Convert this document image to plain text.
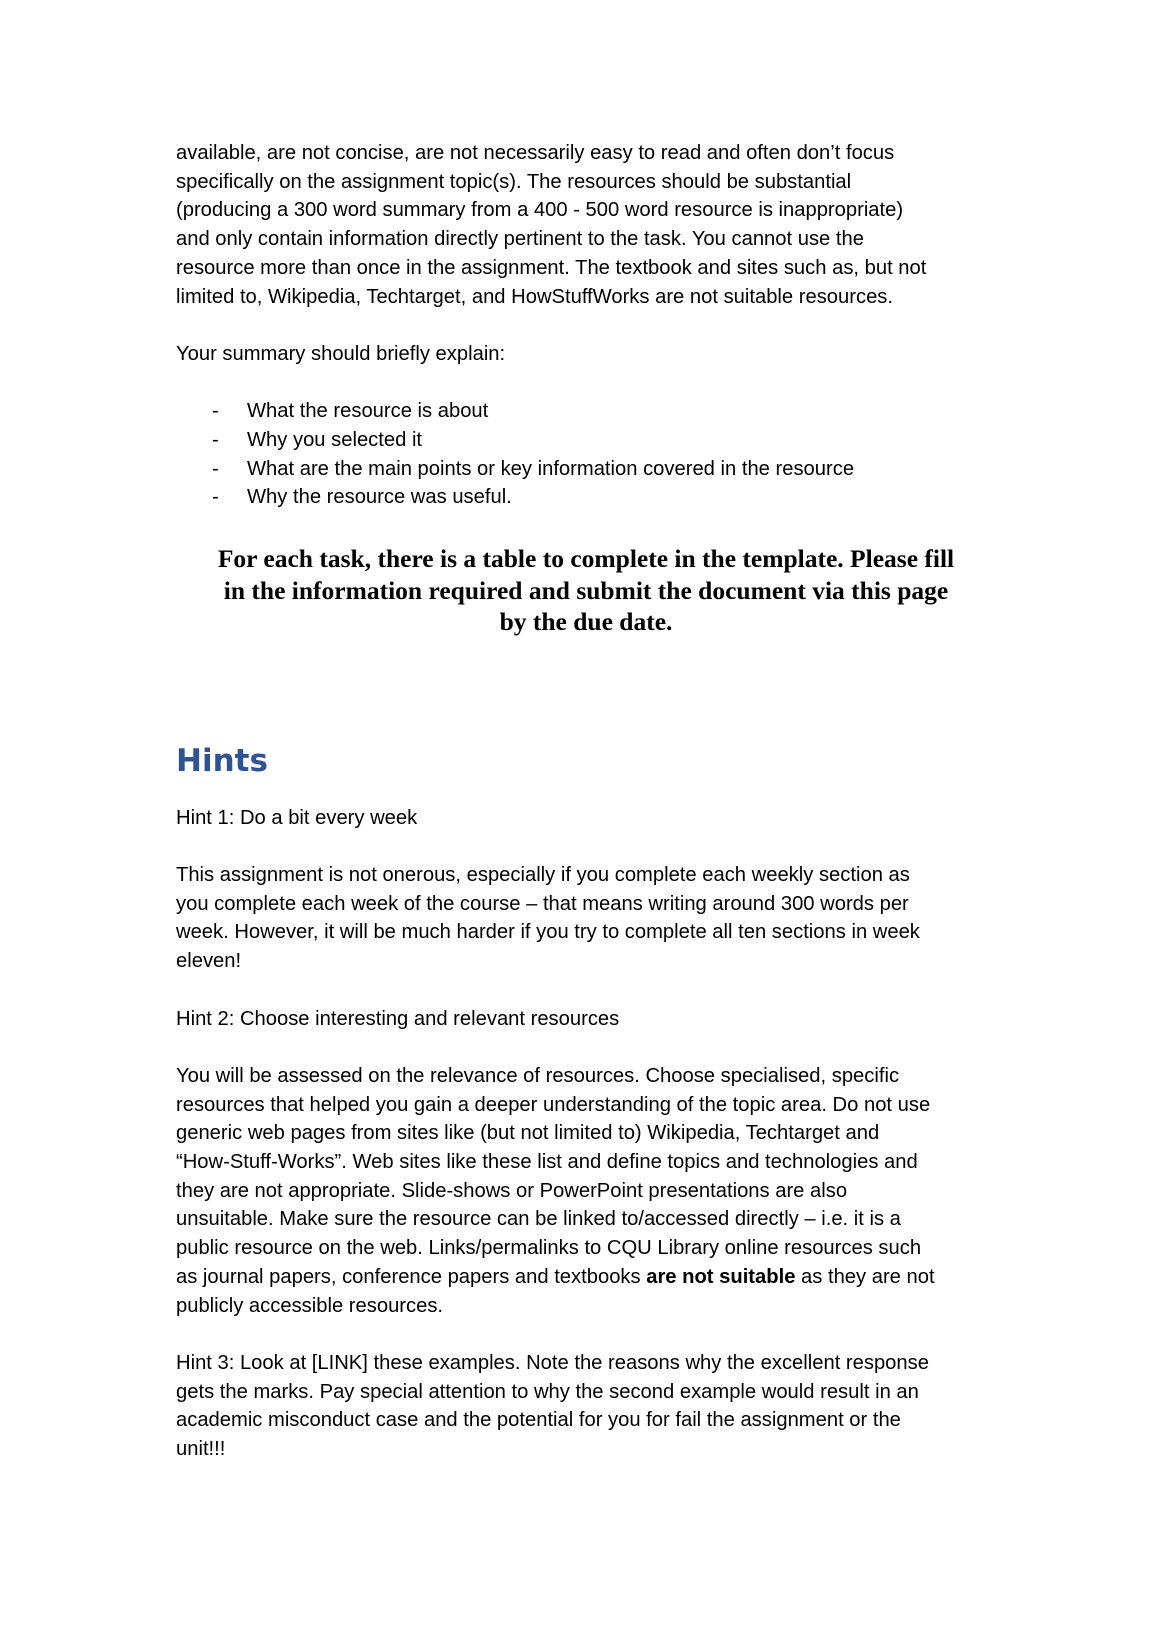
available, are not concise, are not necessarily easy to read and often don’t focus
specifically on the assignment topic(s). The resources should be substantial
(producing a 300 word summary from a 400 - 500 word resource is inappropriate)
and only contain information directly pertinent to the task. You cannot use the
resource more than once in the assignment. The textbook and sites such as, but not
limited to, Wikipedia, Techtarget, and HowStuffWorks are not suitable resources.

Your summary should briefly explain:

- What the resource is about
- Why you selected it
- What are the main points or key information covered in the resource
- Why the resource was useful.

For each task, there is a table to complete in the template. Please fill
in the information required and submit the document via this page
by the due date.

Hints

Hint 1: Do a bit every week

This assignment is not onerous, especially if you complete each weekly section as
you complete each week of the course – that means writing around 300 words per
week. However, it will be much harder if you try to complete all ten sections in week
eleven!

Hint 2: Choose interesting and relevant resources

You will be assessed on the relevance of resources. Choose specialised, specific
resources that helped you gain a deeper understanding of the topic area. Do not use
generic web pages from sites like (but not limited to) Wikipedia, Techtarget and
“How-Stuff-Works”. Web sites like these list and define topics and technologies and
they are not appropriate. Slide-shows or PowerPoint presentations are also
unsuitable. Make sure the resource can be linked to/accessed directly – i.e. it is a
public resource on the web. Links/permalinks to CQU Library online resources such
as journal papers, conference papers and textbooks are not suitable as they are not
publicly accessible resources.

Hint 3: Look at [LINK] these examples. Note the reasons why the excellent response
gets the marks. Pay special attention to why the second example would result in an
academic misconduct case and the potential for you for fail the assignment or the
unit!!!
